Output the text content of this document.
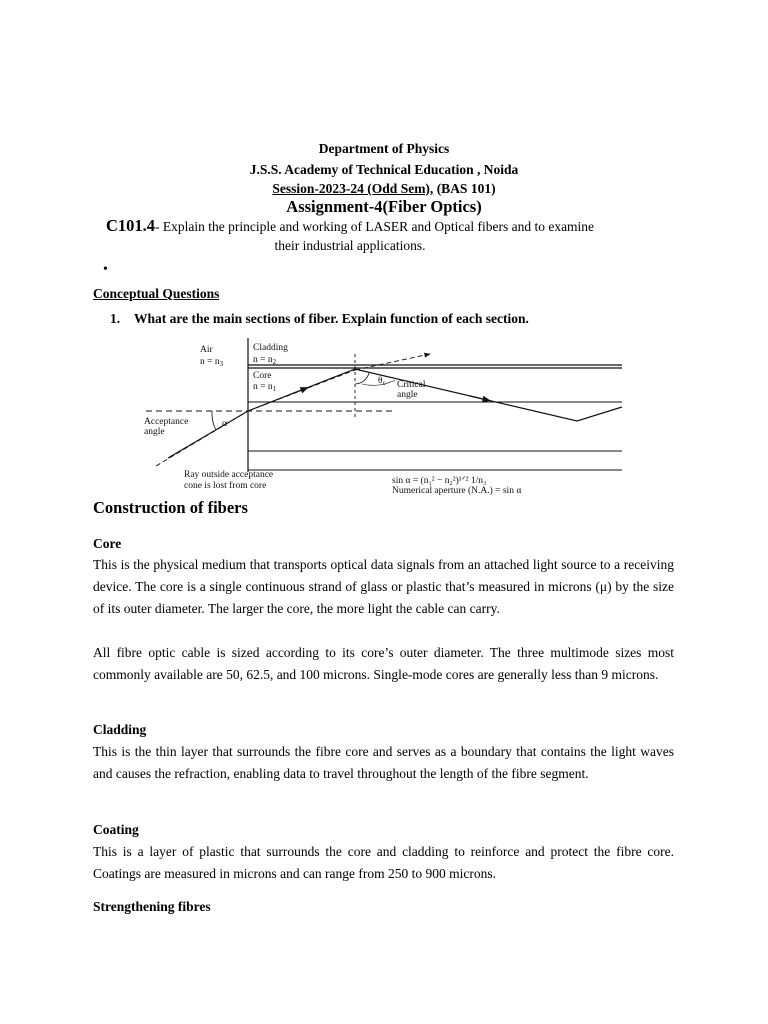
Department of Physics
J.S.S. Academy of Technical Education , Noida
Session-2023-24 (Odd Sem), (BAS 101)
Assignment-4(Fiber Optics)
C101.4- Explain the principle and working of LASER and Optical fibers and to examine
their industrial applications.
•
Conceptual Questions
1. What are the main sections of fiber. Explain function of each section.
Air
$n = n_3$
Cladding
$n = n_2$
Core
$n = n_1$
$\theta_c$ Critical
angle
α
Acceptance
angle
Ray outside acceptance
cone is lost from core	sin α = (n₁² − n₂²)¹ᐟ² 1/n₃
Numerical aperture (N.A.) = sin α
Construction of fibers
Core
This is the physical medium that transports optical data signals from an attached light source to a receiving device. The core is a single continuous strand of glass or plastic that’s measured in microns (μ) by the size of its outer diameter. The larger the core, the more light the cable can carry.
All fibre optic cable is sized according to its core’s outer diameter. The three multimode sizes most commonly available are 50, 62.5, and 100 microns. Single-mode cores are generally less than 9 microns.
Cladding
This is the thin layer that surrounds the fibre core and serves as a boundary that contains the light waves and causes the refraction, enabling data to travel throughout the length of the fibre segment.
Coating
This is a layer of plastic that surrounds the core and cladding to reinforce and protect the fibre core. Coatings are measured in microns and can range from 250 to 900 microns.
Strengthening fibres
